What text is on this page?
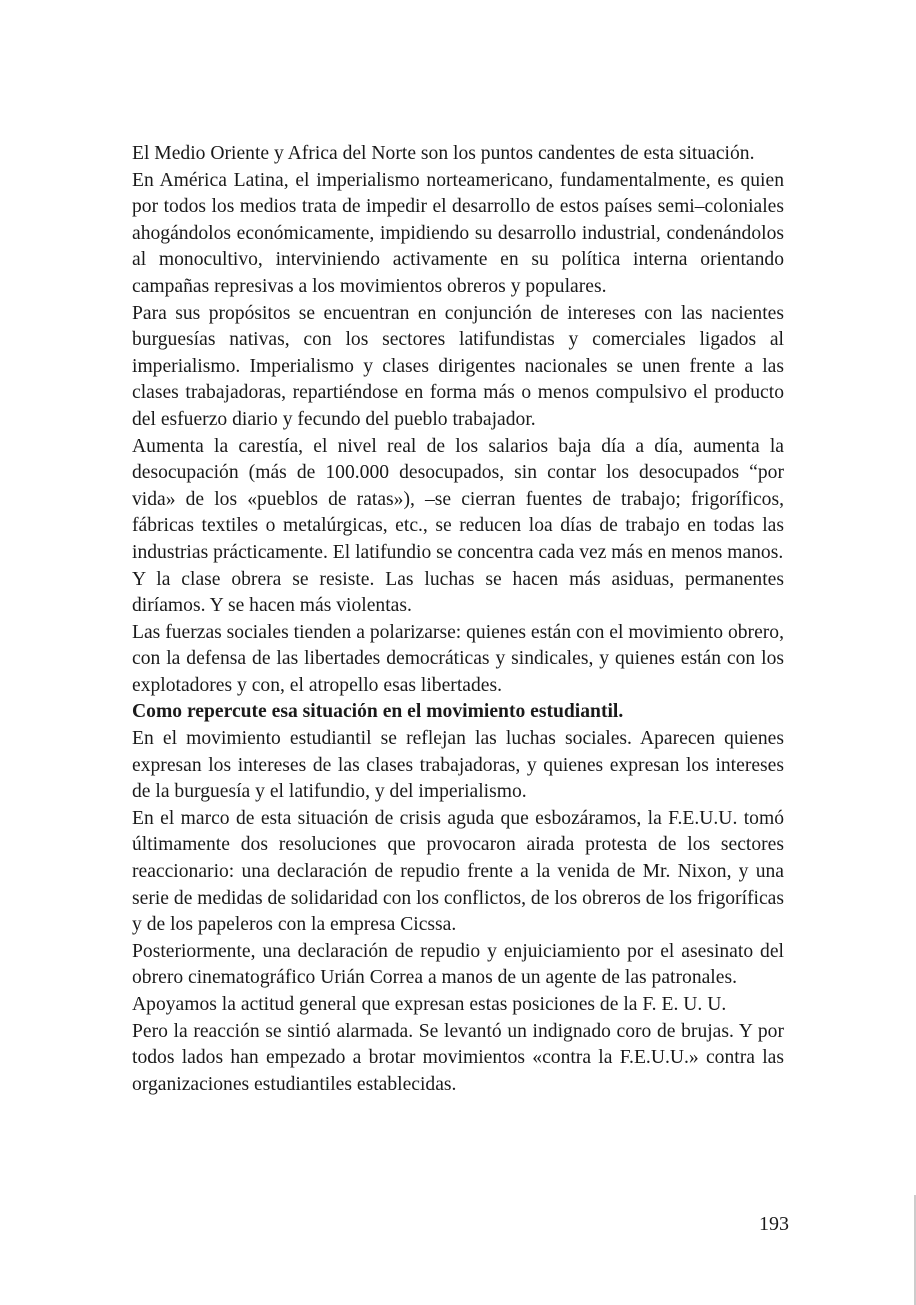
El Medio Oriente y Africa del Norte son los puntos candentes de esta situación.

En América Latina, el imperialismo norteamericano, fundamentalmente, es quien por todos los medios trata de impedir el desarrollo de estos países semi–coloniales ahogándolos económicamente, impidiendo su desarrollo industrial, condenándolos al monocultivo, interviniendo activamente en su política interna orientando campañas represivas a los movimientos obreros y populares.

Para sus propósitos se encuentran en conjunción de intereses con las nacientes burguesías nativas, con los sectores latifundistas y comerciales ligados al imperialismo. Imperialismo y clases dirigentes nacionales se unen frente a las clases trabajadoras, repartiéndose en forma más o menos compulsivo el producto del esfuerzo diario y fecundo del pueblo trabajador.

Aumenta la carestía, el nivel real de los salarios baja día a día, aumenta la desocupación (más de 100.000 desocupados, sin contar los desocupados “por vida» de los «pueblos de ratas»), –se cierran fuentes de trabajo; frigoríficos, fábricas textiles o metalúrgicas, etc., se reducen loa días de trabajo en todas las industrias prácticamente. El latifundio se concentra cada vez más en menos manos.

Y la clase obrera se resiste. Las luchas se hacen más asiduas, permanentes diríamos. Y se hacen más violentas.

Las fuerzas sociales tienden a polarizarse: quienes están con el movimiento obrero, con la defensa de las libertades democráticas y sindicales, y quienes están con los explotadores y con, el atropello esas libertades.

Como repercute esa situación en el movimiento estudiantil.

En el movimiento estudiantil se reflejan las luchas sociales. Aparecen quienes expresan los intereses de las clases trabajadoras, y quienes expresan los intereses de la burguesía y el latifundio, y del imperialismo.

En el marco de esta situación de crisis aguda que esbozáramos, la F.E.U.U. tomó últimamente dos resoluciones que provocaron airada protesta de los sectores reaccionario: una declaración de repudio frente a la venida de Mr. Nixon, y una serie de medidas de solidaridad con los conflictos, de los obreros de los frigoríficas y de los papeleros con la empresa Cicssa.

Posteriormente, una declaración de repudio y enjuiciamiento por el asesinato del obrero cinematográfico Urián Correa a manos de un agente de las patronales.

Apoyamos la actitud general que expresan estas posiciones de la F. E. U. U.

Pero la reacción se sintió alarmada. Se levantó un indignado coro de brujas. Y por todos lados han empezado a brotar movimientos «contra la F.E.U.U.» contra las organizaciones estudiantiles establecidas.

193
